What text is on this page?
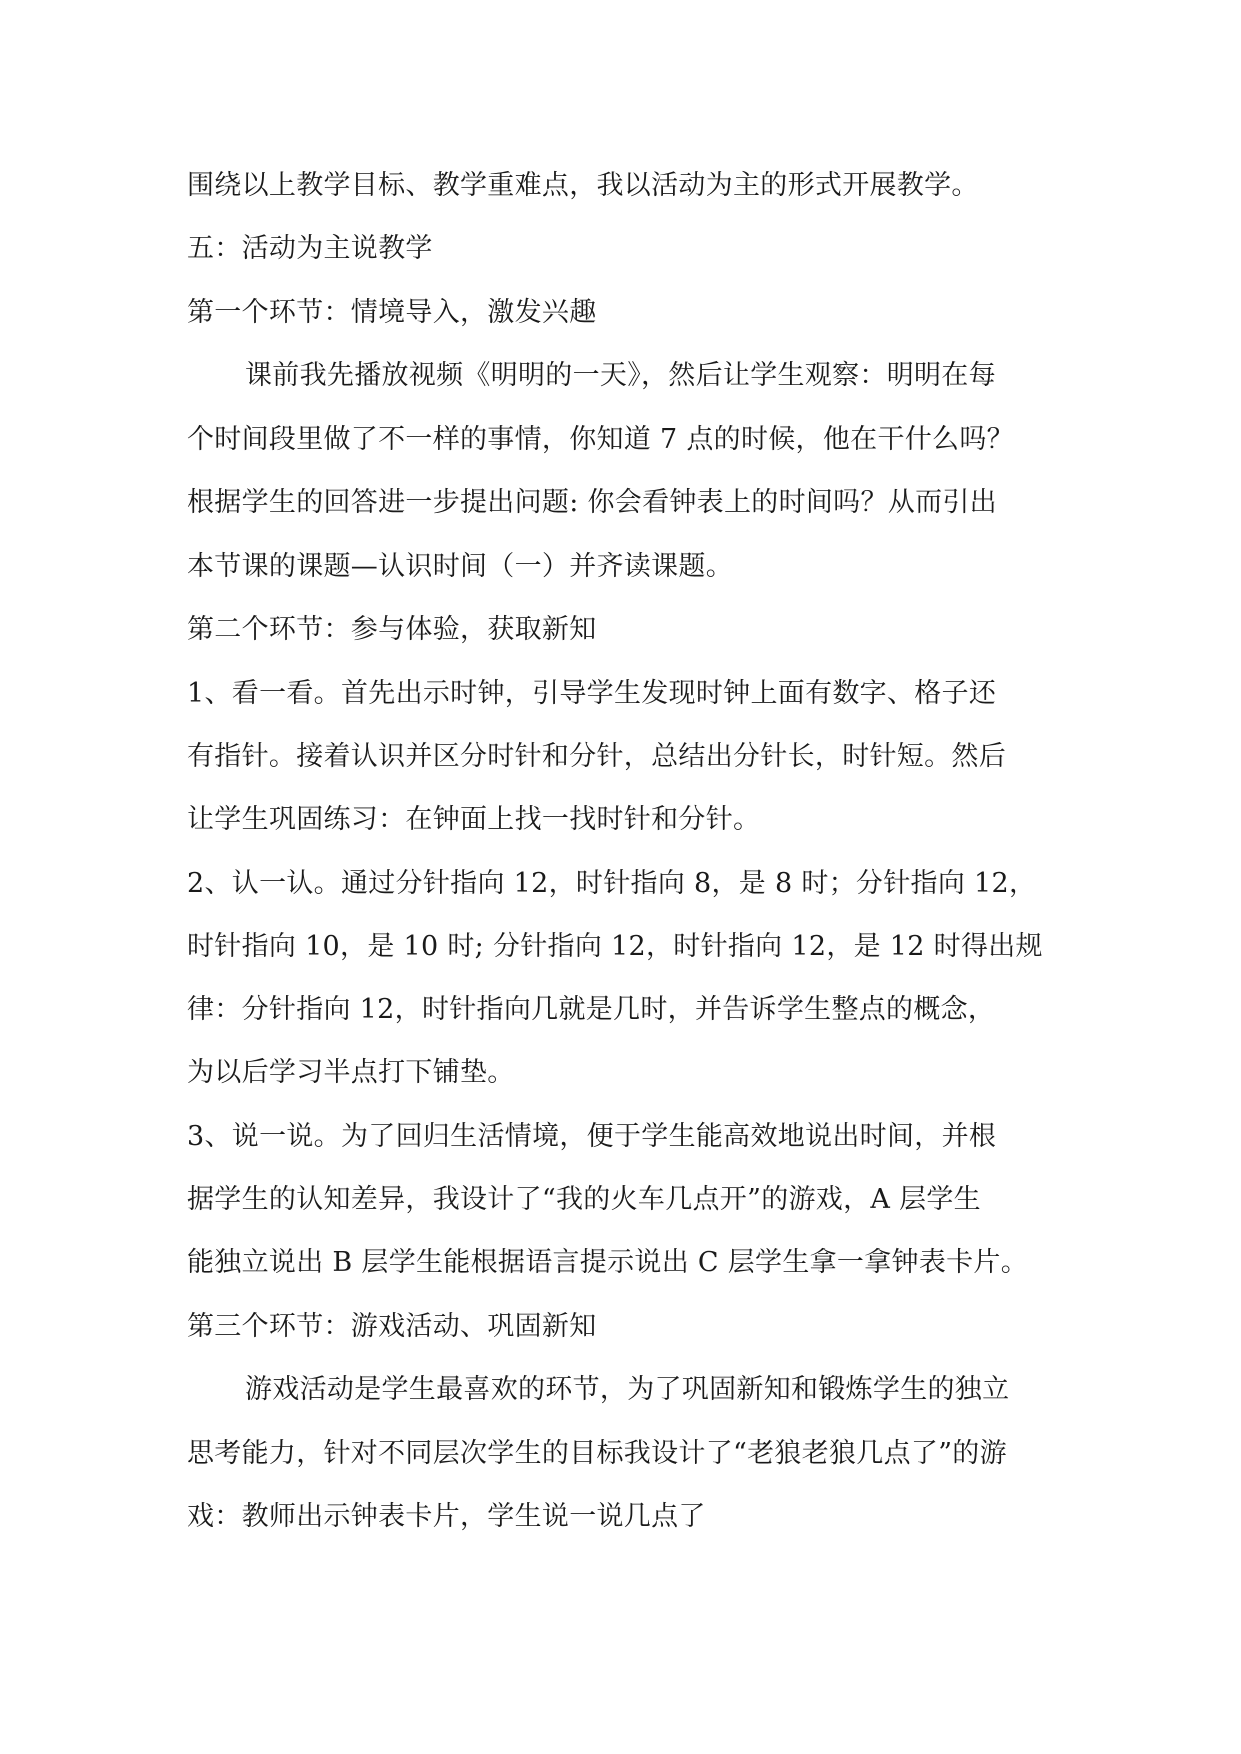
围绕以上教学目标、教学重难点，我以活动为主的形式开展教学。
五：活动为主说教学
第一个环节：情境导入，激发兴趣
课前我先播放视频《明明的一天》，然后让学生观察：明明在每
个时间段里做了不一样的事情，你知道 7 点的时候，他在干什么吗？
根据学生的回答进一步提出问题: 你会看钟表上的时间吗？从而引出
本节课的课题—认识时间（一）并齐读课题。
第二个环节：参与体验，获取新知
1、看一看。首先出示时钟，引导学生发现时钟上面有数字、格子还
有指针。接着认识并区分时针和分针，总结出分针长，时针短。然后
让学生巩固练习：在钟面上找一找时针和分针。
2、认一认。通过分针指向 12，时针指向 8，是 8 时；分针指向 12，
时针指向 10，是 10 时; 分针指向 12，时针指向 12，是 12 时得出规
律：分针指向 12，时针指向几就是几时，并告诉学生整点的概念，
为以后学习半点打下铺垫。
3、说一说。为了回归生活情境，便于学生能高效地说出时间，并根
据学生的认知差异，我设计了“我的火车几点开”的游戏，A 层学生
能独立说出 B 层学生能根据语言提示说出 C 层学生拿一拿钟表卡片。
第三个环节：游戏活动、巩固新知
游戏活动是学生最喜欢的环节，为了巩固新知和锻炼学生的独立
思考能力，针对不同层次学生的目标我设计了“老狼老狼几点了”的游
戏：教师出示钟表卡片，学生说一说几点了
